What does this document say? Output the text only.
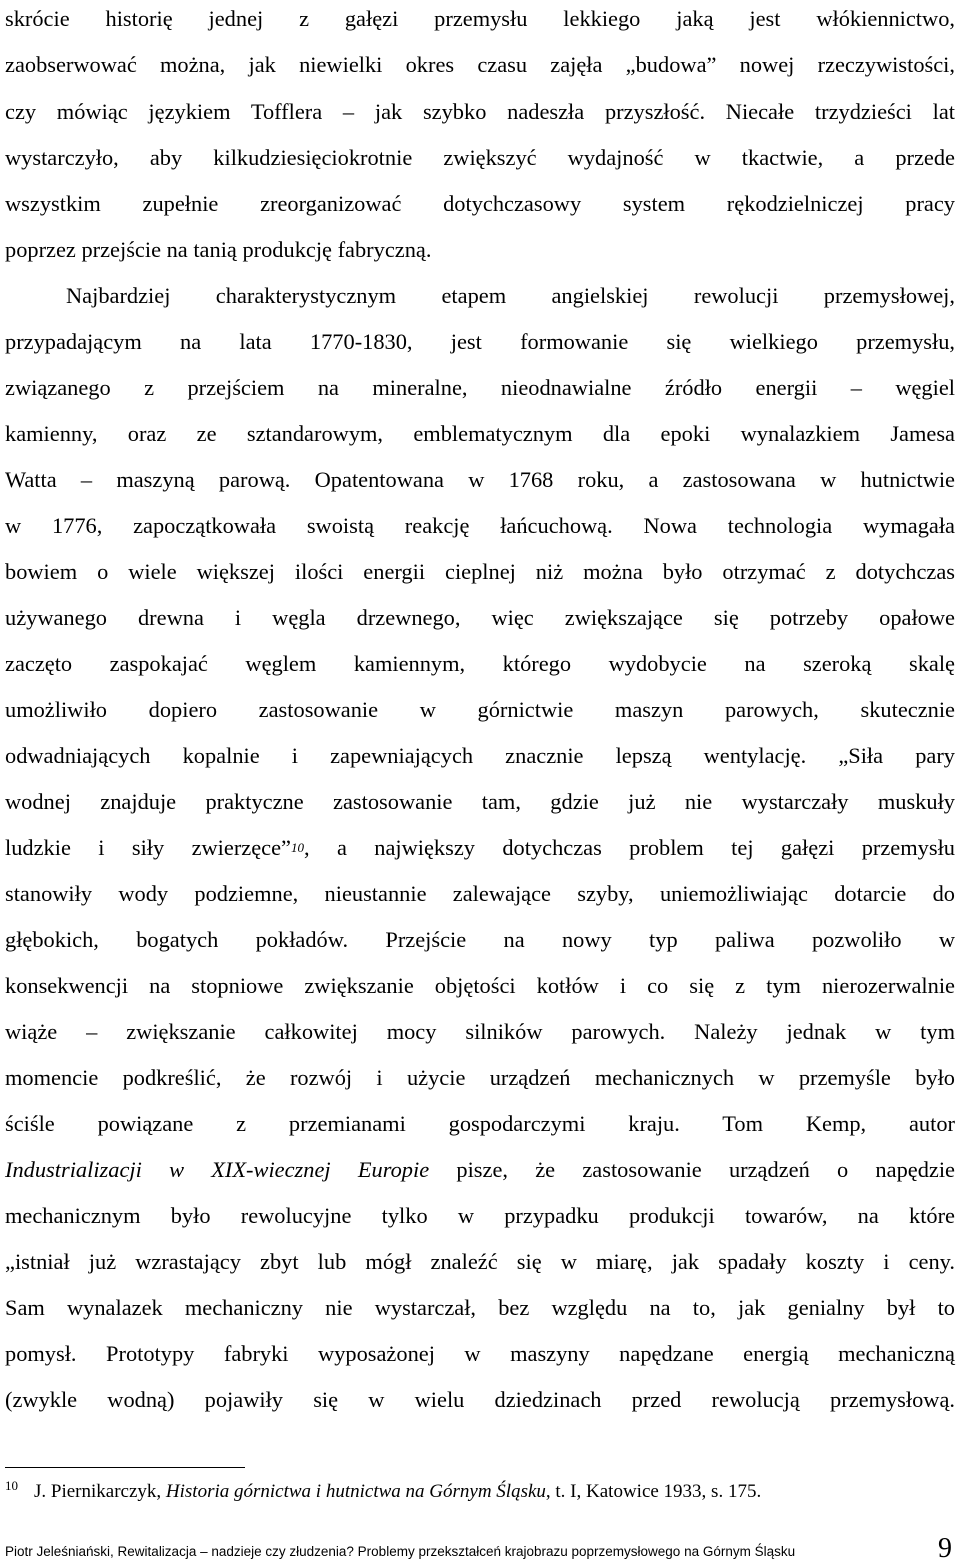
skrócie historię jednej z gałęzi przemysłu lekkiego jaką jest włókiennictwo,
zaobserwować można, jak niewielki okres czasu zajęła „budowa” nowej rzeczywistości,
czy mówiąc językiem Tofflera – jak szybko nadeszła przyszłość. Niecałe trzydzieści lat
wystarczyło, aby kilkudziesięciokrotnie zwiększyć wydajność w tkactwie, a przede
wszystkim zupełnie zreorganizować dotychczasowy system rękodzielniczej pracy
poprzez przejście na tanią produkcję fabryczną.
Najbardziej charakterystycznym etapem angielskiej rewolucji przemysłowej,
przypadającym na lata 1770-1830, jest formowanie się wielkiego przemysłu,
związanego z przejściem na mineralne, nieodnawialne źródło energii – węgiel
kamienny, oraz ze sztandarowym, emblematycznym dla epoki wynalazkiem Jamesa
Watta – maszyną parową. Opatentowana w 1768 roku, a zastosowana w hutnictwie
w 1776, zapoczątkowała swoistą reakcję łańcuchową. Nowa technologia wymagała
bowiem o wiele większej ilości energii cieplnej niż można było otrzymać z dotychczas
używanego drewna i węgla drzewnego, więc zwiększające się potrzeby opałowe
zaczęto zaspokajać węglem kamiennym, którego wydobycie na szeroką skalę
umożliwiło dopiero zastosowanie w górnictwie maszyn parowych, skutecznie
odwadniających kopalnie i zapewniających znacznie lepszą wentylację. „Siła pary
wodnej znajduje praktyczne zastosowanie tam, gdzie już nie wystarczały muskuły
ludzkie i siły zwierzęce”$^{10}$, a największy dotychczas problem tej gałęzi przemysłu
stanowiły wody podziemne, nieustannie zalewające szyby, uniemożliwiając dotarcie do
głębokich, bogatych pokładów. Przejście na nowy typ paliwa pozwoliło w
konsekwencji na stopniowe zwiększanie objętości kotłów i co się z tym nierozerwalnie
wiąże – zwiększanie całkowitej mocy silników parowych. Należy jednak w tym
momencie podkreślić, że rozwój i użycie urządzeń mechanicznych w przemyśle było
ściśle powiązane z przemianami gospodarczymi kraju. Tom Kemp, autor
Industrializacji w XIX-wiecznej Europie pisze, że zastosowanie urządzeń o napędzie
mechanicznym było rewolucyjne tylko w przypadku produkcji towarów, na które
„istniał już wzrastający zbyt lub mógł znaleźć się w miarę, jak spadały koszty i ceny.
Sam wynalazek mechaniczny nie wystarczał, bez względu na to, jak genialny był to
pomysł. Prototypy fabryki wyposażonej w maszyny napędzane energią mechaniczną
(zwykle wodną) pojawiły się w wielu dziedzinach przed rewolucją przemysłową.
$^{10}$ J. Piernikarczyk, Historia górnictwa i hutnictwa na Górnym Śląsku, t. I, Katowice 1933, s. 175.
Piotr Jeleśniański, Rewitalizacja – nadzieje czy złudzenia? Problemy przekształceń krajobrazu poprzemysłowego na Górnym Śląsku	9
